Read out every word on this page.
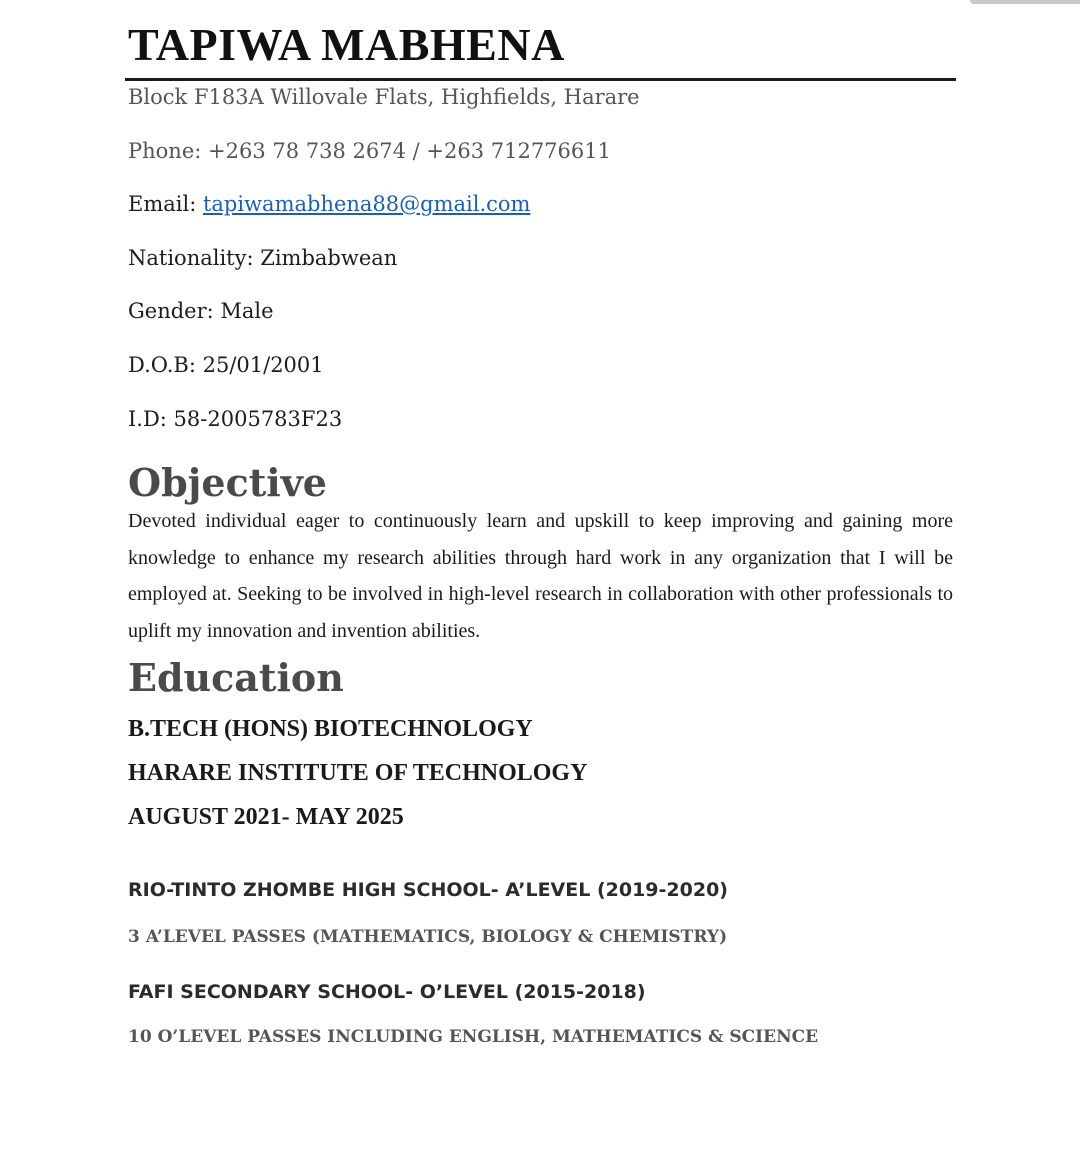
TAPIWA MABHENA

Block F183A Willovale Flats, Highfields, Harare

Phone: +263 78 738 2674 / +263 712776611

Email: tapiwamabhena88@gmail.com

Nationality: Zimbabwean

Gender: Male

D.O.B: 25/01/2001

I.D: 58-2005783F23

Objective

Devoted individual eager to continuously learn and upskill to keep improving and gaining more knowledge to enhance my research abilities through hard work in any organization that I will be employed at. Seeking to be involved in high-level research in collaboration with other professionals to uplift my innovation and invention abilities.

Education

B.TECH (HONS) BIOTECHNOLOGY

HARARE INSTITUTE OF TECHNOLOGY

AUGUST 2021- MAY 2025

RIO-TINTO ZHOMBE HIGH SCHOOL- A’LEVEL (2019-2020)

3 A’LEVEL PASSES (MATHEMATICS, BIOLOGY & CHEMISTRY)

FAFI SECONDARY SCHOOL- O’LEVEL (2015-2018)

10 O’LEVEL PASSES INCLUDING ENGLISH, MATHEMATICS & SCIENCE
